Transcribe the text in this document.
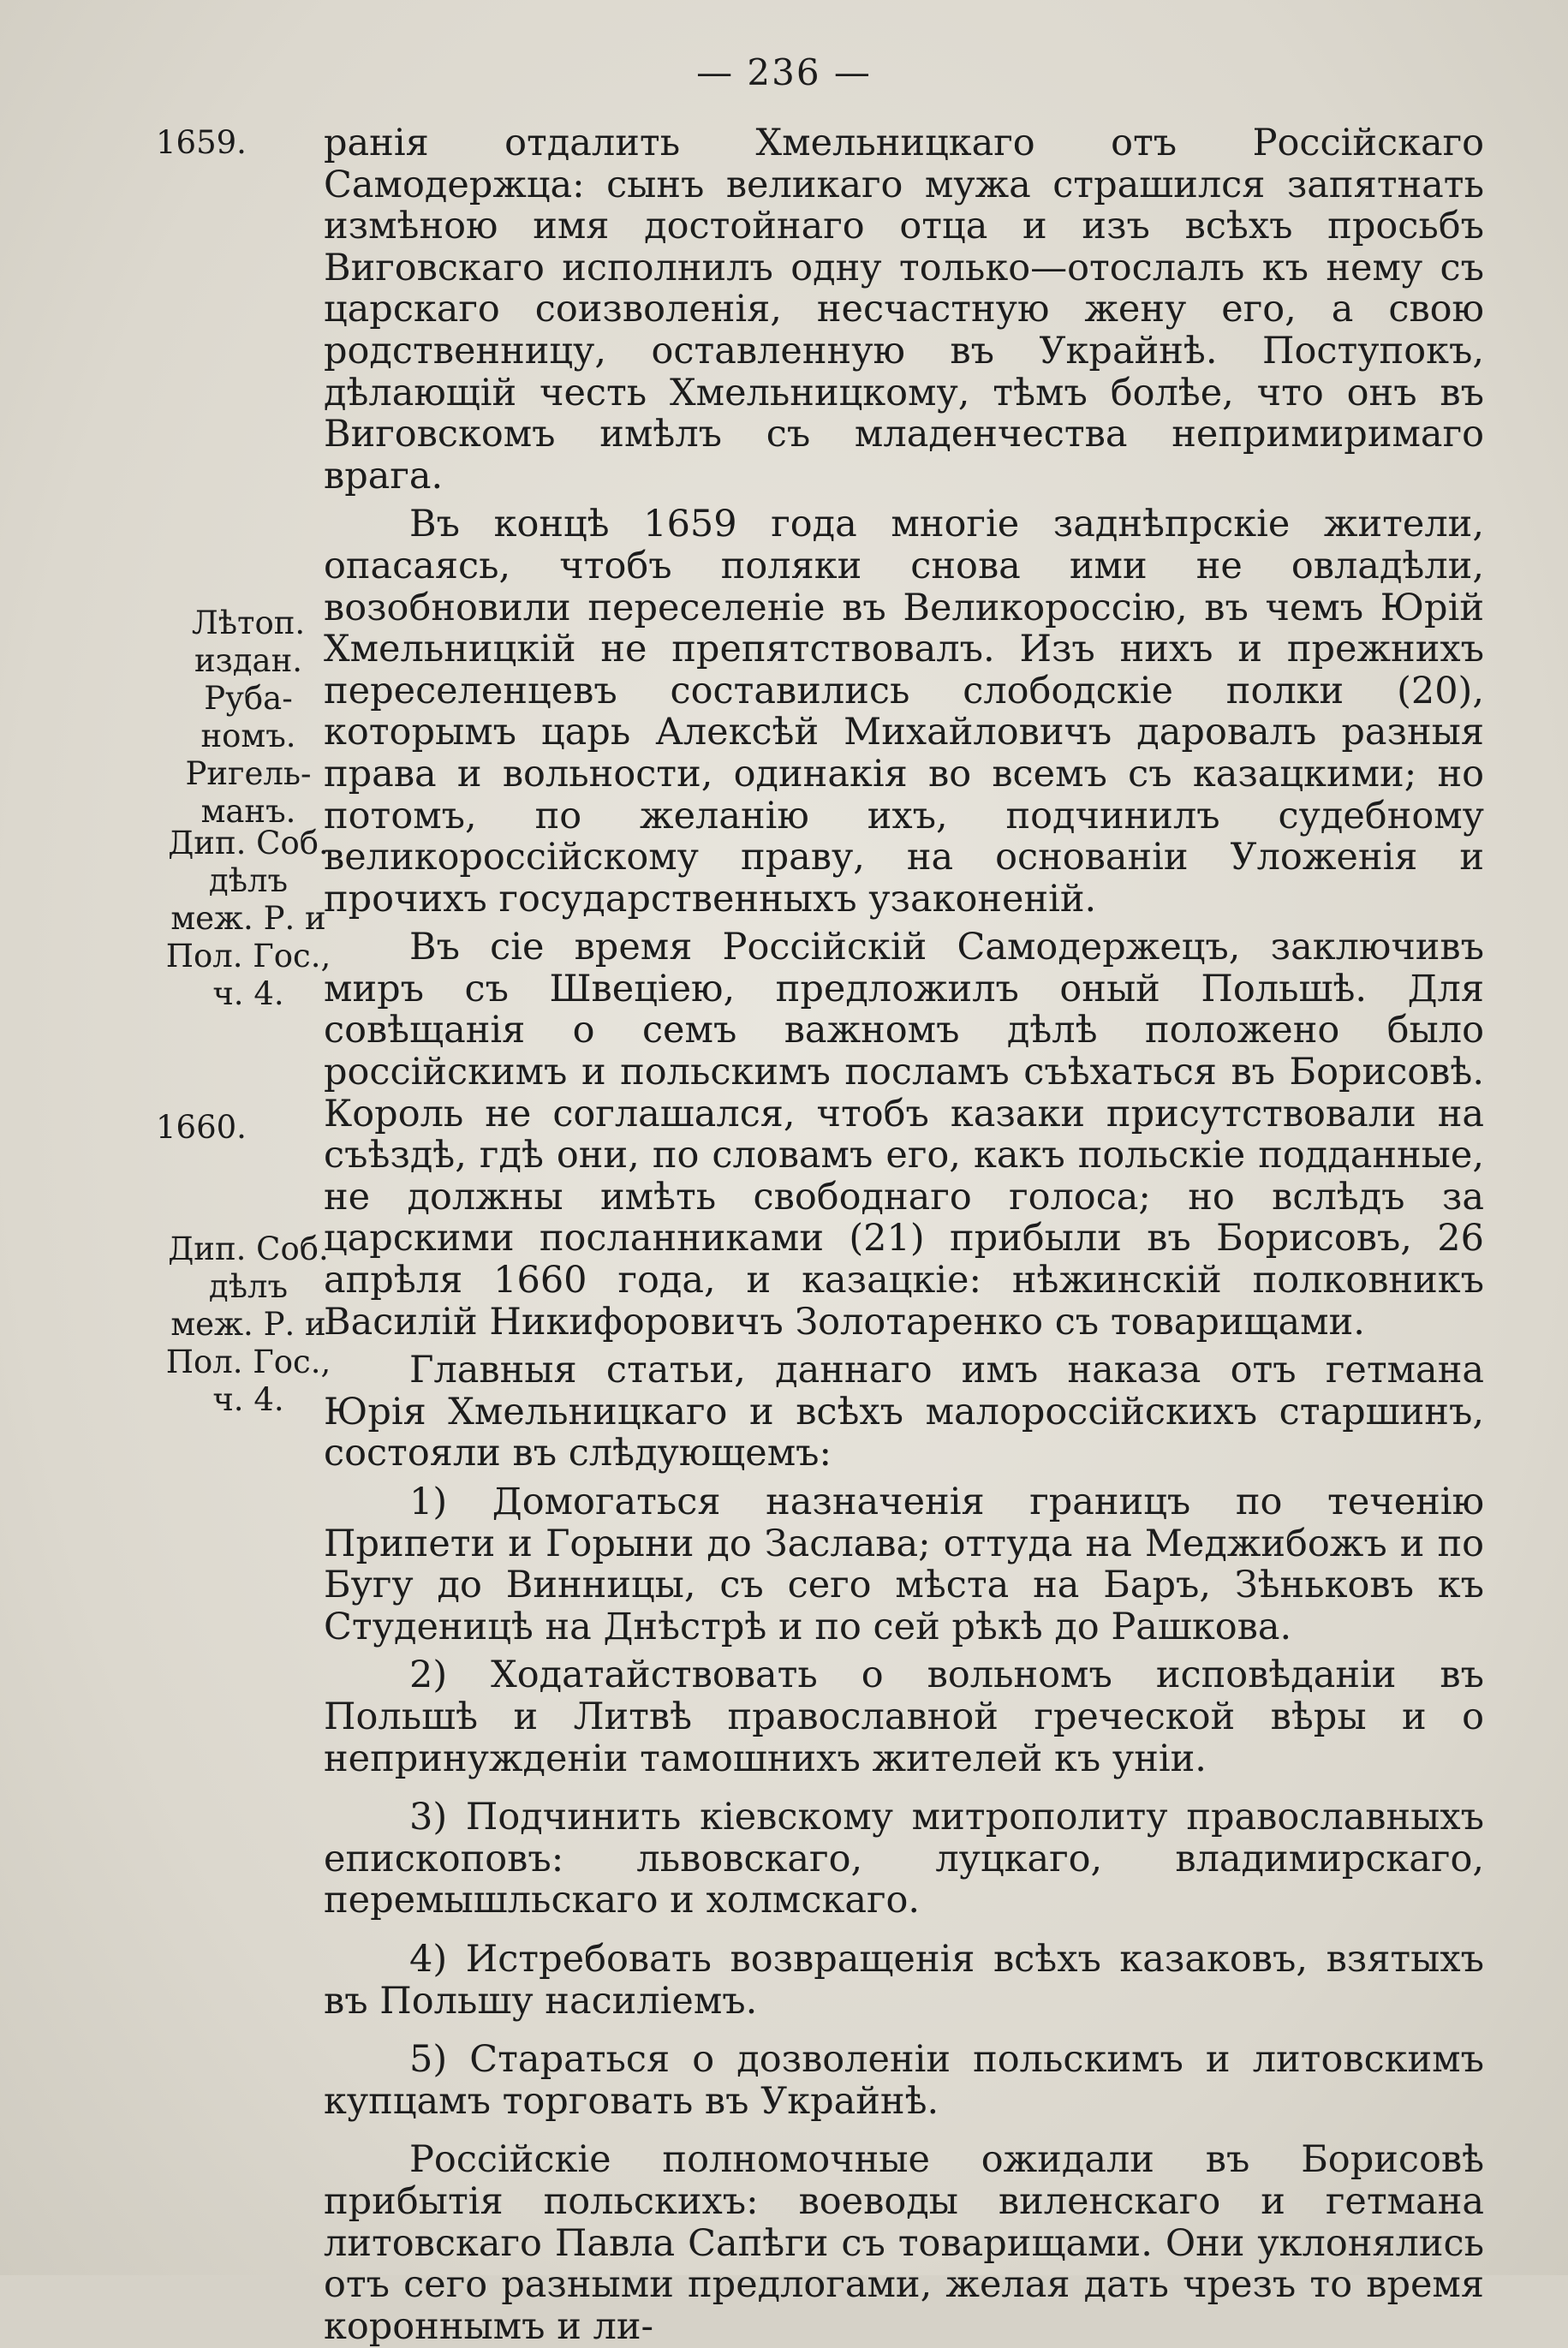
— 236 —
1659.
Лѣтоп.
издан.
Руба-
номъ.
Ригель-
манъ.
Дип. Соб.
дѣлъ
меж. Р. и
Пол. Гос.,
ч. 4.
1660.
Дип. Соб.
дѣлъ
меж. Р. и
Пол. Гос.,
ч. 4.

ранія отдалить Хмельницкаго отъ Россійскаго Самодержца: сынъ великаго мужа страшился запятнать измѣною имя достойнаго отца и изъ всѣхъ просьбъ Виговскаго исполнилъ одну только—отослалъ къ нему съ царскаго соизволенія, несчастную жену его, а свою родственницу, оставленную въ Украйнѣ. Поступокъ, дѣлающій честь Хмельницкому, тѣмъ болѣе, что онъ въ Виговскомъ имѣлъ съ младенчества непримиримаго врага.

Въ концѣ 1659 года многіе заднѣпрскіе жители, опасаясь, чтобъ поляки снова ими не овладѣли, возобновили переселеніе въ Великороссію, въ чемъ Юрій Хмельницкій не препятствовалъ. Изъ нихъ и прежнихъ переселенцевъ составились слободскіе полки (20), которымъ царь Алексѣй Михайловичъ даровалъ разныя права и вольности, одинакія во всемъ съ казацкими; но потомъ, по желанію ихъ, подчинилъ судебному великороссійскому праву, на основаніи Уложенія и прочихъ государственныхъ узаконеній.

Въ сіе время Россійскій Самодержецъ, заключивъ миръ съ Швеціею, предложилъ оный Польшѣ. Для совѣщанія о семъ важномъ дѣлѣ положено было россійскимъ и польскимъ посламъ съѣхаться въ Борисовѣ. Король не соглашался, чтобъ казаки присутствовали на съѣздѣ, гдѣ они, по словамъ его, какъ польскіе подданные, не должны имѣть свободнаго голоса; но вслѣдъ за царскими посланниками (21) прибыли въ Борисовъ, 26 апрѣля 1660 года, и казацкіе: нѣжинскій полковникъ Василій Никифоровичъ Золотаренко съ товарищами.

Главныя статьи, даннаго имъ наказа отъ гетмана Юрія Хмельницкаго и всѣхъ малороссійскихъ старшинъ, состояли въ слѣдующемъ:

1) Домогаться назначенія границъ по теченію Припети и Горыни до Заслава; оттуда на Меджибожъ и по Бугу до Винницы, съ сего мѣста на Баръ, Зѣньковъ къ Студеницѣ на Днѣстрѣ и по сей рѣкѣ до Рашкова.

2) Ходатайствовать о вольномъ исповѣданіи въ Польшѣ и Литвѣ православной греческой вѣры и о непринужденіи тамошнихъ жителей къ уніи.

3) Подчинить кіевскому митрополиту православныхъ епископовъ: львовскаго, луцкаго, владимирскаго, перемышльскаго и холмскаго.

4) Истребовать возвращенія всѣхъ казаковъ, взятыхъ въ Польшу насиліемъ.

5) Стараться о дозволеніи польскимъ и литовскимъ купцамъ торговать въ Украйнѣ.

Россійскіе полномочные ожидали въ Борисовѣ прибытія польскихъ: воеводы виленскаго и гетмана литовскаго Павла Сапѣги съ товарищами. Они уклонялись отъ сего разными предлогами, желая дать чрезъ то время короннымъ и ли-
